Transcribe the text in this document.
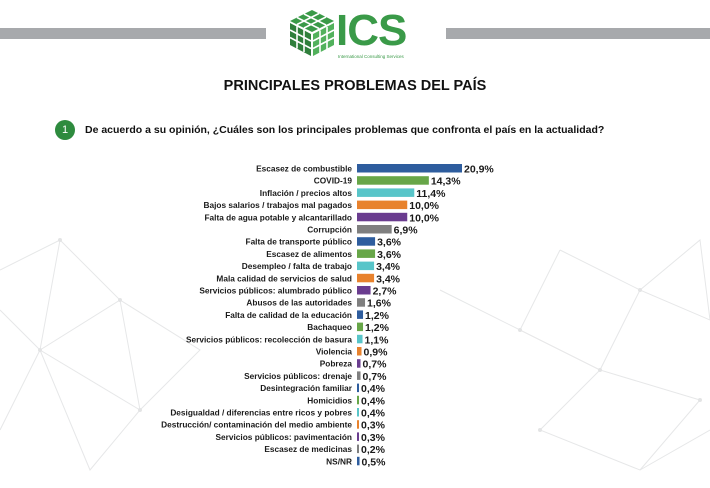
ICS
International Consulting Services
PRINCIPALES PROBLEMAS DEL PAÍS
1	De acuerdo a su opinión, ¿Cuáles son los principales problemas que confronta el país en la actualidad?
Escasez de combustible	20,9%
COVID-19	14,3%
Inflación / precios altos	11,4%
Bajos salarios / trabajos mal pagados	10,0%
Falta de agua potable y alcantarillado	10,0%
Corrupción	6,9%
Falta de transporte público 3,6%
Escasez de alimentos 3,6%
Desempleo / falta de trabajo 3,4%
Mala calidad de servicios de salud 3,4%
Servicios públicos: alumbrado público 2,7%
Abusos de las autoridades 1,6%
Falta de calidad de la educación 1,2%
Bachaqueo 1,2%
Servicios públicos: recolección de basura 1,1%
Violencia 0,9%
Pobreza 0,7%
Servicios públicos: drenaje 0,7%
Desintegración familiar 0,4%
Homicidios 0,4%
Desigualdad / diferencias entre ricos y pobres 0,4%
Destrucción/ contaminación del medio ambiente 0,3%
Servicios públicos: pavimentación 0,3%
Escasez de medicinas 0,2%
NS/NR 0,5%
